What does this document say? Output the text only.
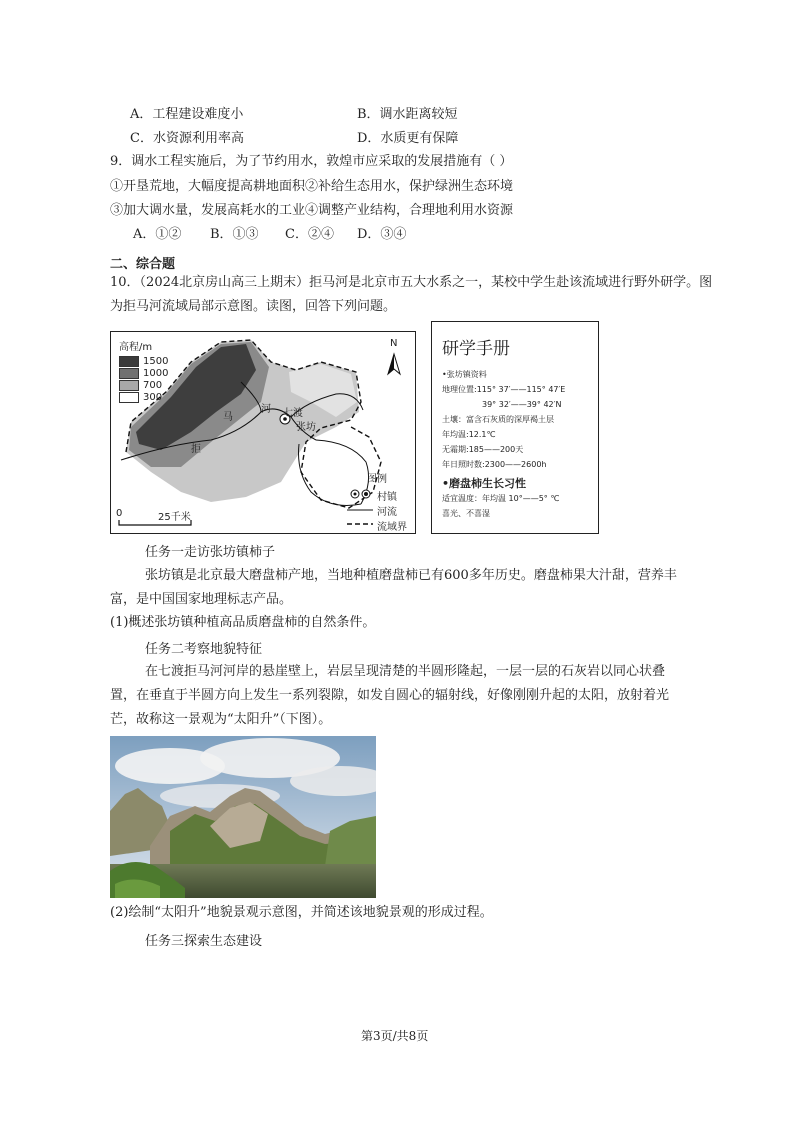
A．工程建设难度小	B．调水距离较短
C．水资源利用率高	D．水质更有保障
9．调水工程实施后，为了节约用水，敦煌市应采取的发展措施有（ ）
①开垦荒地，大幅度提高耕地面积②补给生态用水，保护绿洲生态环境
③加大调水量，发展高耗水的工业④调整产业结构，合理地利用水资源
A．①② B．①③ C．②④ D．③④
二、综合题
10．（2024北京房山高三上期末）拒马河是北京市五大水系之一，某校中学生赴该流域进行野外研学。图
为拒马河流域局部示意图。读图，回答下列问题。
高程/m
1500
1000
700
300
N
拒
马
河 七渡
张坊
图例
村镇
河流
流域界
0	25千米
研学手册
•张坊镇资料
地理位置:115° 37′——115° 47′E
39° 32′——39° 42′N
土壤：富含石灰质的深厚褐土层
年均温:12.1℃
无霜期:185——200天
年日照时数:2300——2600h
•磨盘柿生长习性
适宜温度：年均温 10°——5° ℃
喜光、不喜湿
任务一走访张坊镇柿子
张坊镇是北京最大磨盘柿产地，当地种植磨盘柿已有600多年历史。磨盘柿果大汁甜，营养丰富，是中国国家地理标志产品。
(1)概述张坊镇种植高品质磨盘柿的自然条件。
任务二考察地貌特征
在七渡拒马河河岸的悬崖壁上，岩层呈现清楚的半圆形隆起，一层一层的石灰岩以同心状叠置，在垂直于半圆方向上发生一系列裂隙，如发自圆心的辐射线，好像刚刚升起的太阳，放射着光芒，故称这一景观为“太阳升”（下图）。
(2)绘制“太阳升”地貌景观示意图，并简述该地貌景观的形成过程。
任务三探索生态建设
第3页/共8页
